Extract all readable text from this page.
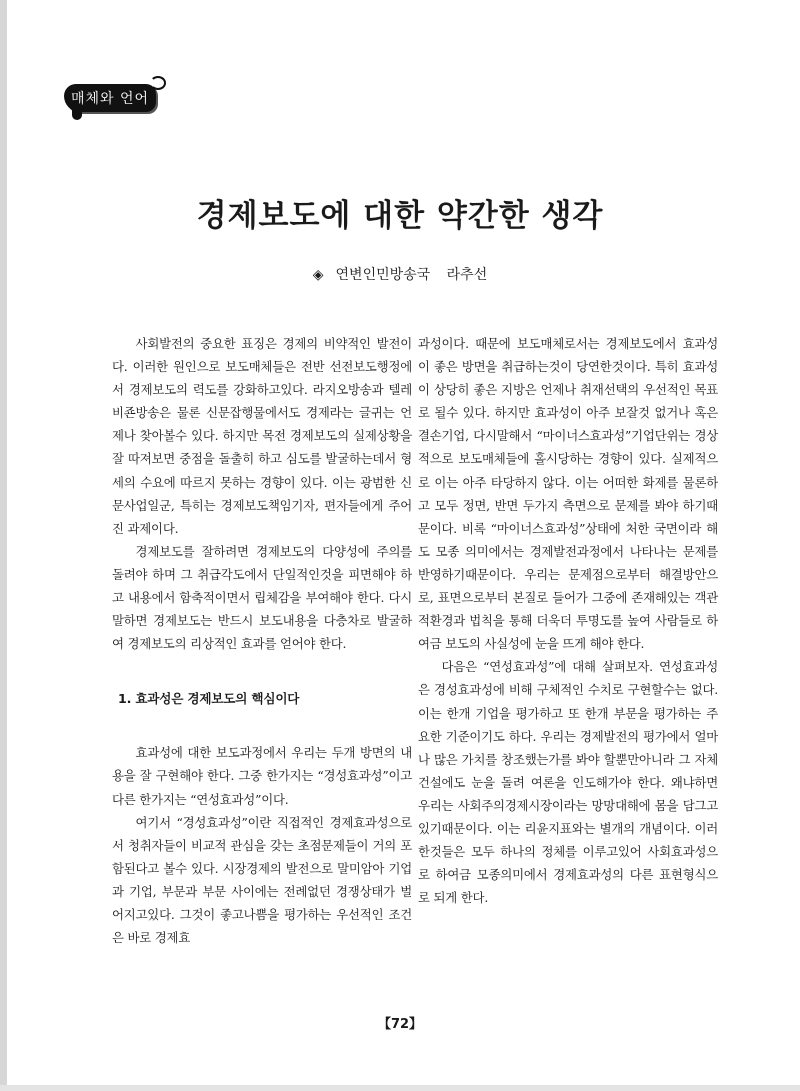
매체와 언어
경제보도에 대한 약간한 생각
◈ 연변인민방송국 라추선

사회발전의 중요한 표징은 경제의 비약적인 발전이다. 이러한 원인으로 보도매체들은 전반 선전보도행정에서 경제보도의 력도를 강화하고있다. 라지오방송과 텔레비죤방송은 물론 신문잡행물에서도 경제라는 글귀는 언제나 찾아볼수 있다. 하지만 목전 경제보도의 실제상황을 잘 따져보면 중점을 돌출히 하고 심도를 발굴하는데서 형세의 수요에 따르지 못하는 경향이 있다. 이는 광범한 신문사업일군, 특히는 경제보도책임기자, 편자들에게 주어진 과제이다.

경제보도를 잘하려면 경제보도의 다양성에 주의를 돌려야 하며 그 취급각도에서 단일적인것을 피면해야 하고 내용에서 함축적이면서 립체감을 부여해야 한다. 다시말하면 경제보도는 반드시 보도내용을 다층차로 발굴하여 경제보도의 리상적인 효과를 얻어야 한다.

1. 효과성은 경제보도의 핵심이다

효과성에 대한 보도과정에서 우리는 두개 방면의 내용을 잘 구현해야 한다. 그중 한가지는 “경성효과성”이고 다른 한가지는 “연성효과성”이다.

여기서 “경성효과성”이란 직접적인 경제효과성으로서 청취자들이 비교적 관심을 갖는 초점문제들이 거의 포함된다고 볼수 있다. 시장경제의 발전으로 말미암아 기업과 기업, 부문과 부문 사이에는 전례없던 경쟁상태가 벌어지고있다. 그것이 좋고나쁨을 평가하는 우선적인 조건은 바로 경제효

과성이다. 때문에 보도매체로서는 경제보도에서 효과성이 좋은 방면을 취급하는것이 당연한것이다. 특히 효과성이 상당히 좋은 지방은 언제나 취재선택의 우선적인 목표로 될수 있다. 하지만 효과성이 아주 보잘것 없거나 혹은 결손기업, 다시말해서 “마이너스효과성”기업단위는 경상적으로 보도매체들에 홀시당하는 경향이 있다. 실제적으로 이는 아주 타당하지 않다. 이는 어떠한 화제를 물론하고 모두 정면, 반면 두가지 측면으로 문제를 봐야 하기때문이다. 비록 “마이너스효과성”상태에 처한 국면이라 해도 모종 의미에서는 경제발전과정에서 나타나는 문제를 반영하기때문이다. 우리는 문제점으로부터 해결방안으로, 표면으로부터 본질로 들어가 그중에 존재해있는 객관적환경과 법칙을 통해 더욱더 투명도를 높여 사람들로 하여금 보도의 사실성에 눈을 뜨게 해야 한다.

다음은 “연성효과성”에 대해 살펴보자. 연성효과성은 경성효과성에 비해 구체적인 수치로 구현할수는 없다. 이는 한개 기업을 평가하고 또 한개 부문을 평가하는 주요한 기준이기도 하다. 우리는 경제발전의 평가에서 얼마나 많은 가치를 창조했는가를 봐야 할뿐만아니라 그 자체건설에도 눈을 돌려 여론을 인도해가야 한다. 왜냐하면 우리는 사회주의경제시장이라는 망망대해에 몸을 담그고 있기때문이다. 이는 리윤지표와는 별개의 개념이다. 이러한것들은 모두 하나의 정체를 이루고있어 사회효과성으로 하여금 모종의미에서 경제효과성의 다른 표현형식으로 되게 한다.

【72】
